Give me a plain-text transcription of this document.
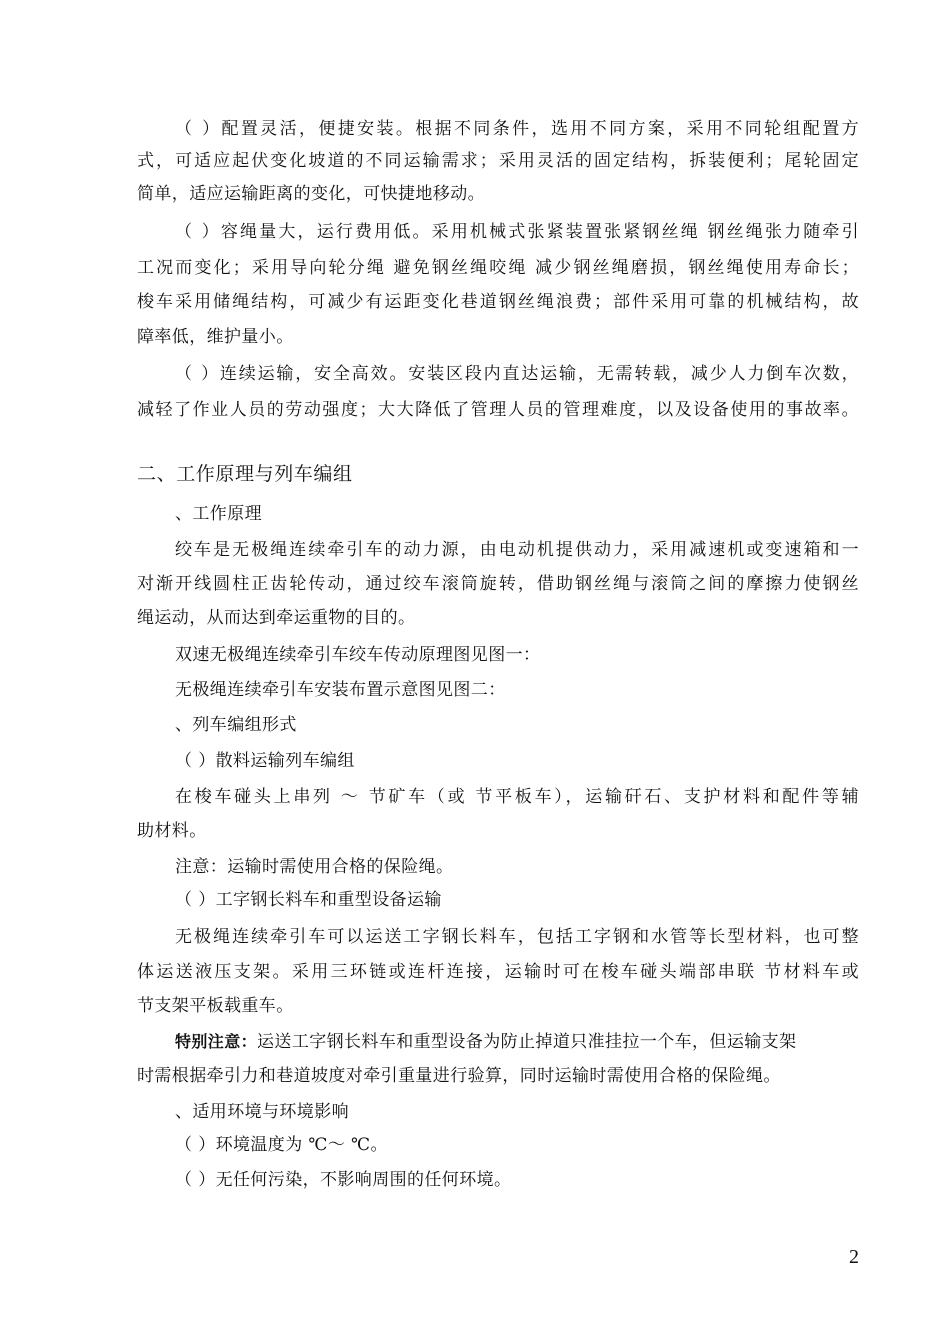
（ ）配置灵活，便捷安装。根据不同条件，选用不同方案，采用不同轮组配置方
式，可适应起伏变化坡道的不同运输需求；采用灵活的固定结构，拆装便利；尾轮固定
简单，适应运输距离的变化，可快捷地移动。
（ ）容绳量大，运行费用低。采用机械式张紧装置张紧钢丝绳 钢丝绳张力随牵引
工况而变化；采用导向轮分绳 避免钢丝绳咬绳 减少钢丝绳磨损，钢丝绳使用寿命长；
梭车采用储绳结构，可减少有运距变化巷道钢丝绳浪费；部件采用可靠的机械结构，故
障率低，维护量小。
（ ）连续运输，安全高效。安装区段内直达运输，无需转载，减少人力倒车次数，
减轻了作业人员的劳动强度；大大降低了管理人员的管理难度，以及设备使用的事故率。
二、工作原理与列车编组
、工作原理
绞车是无极绳连续牵引车的动力源，由电动机提供动力，采用减速机或变速箱和一
对渐开线圆柱正齿轮传动，通过绞车滚筒旋转，借助钢丝绳与滚筒之间的摩擦力使钢丝
绳运动，从而达到牵运重物的目的。
双速无极绳连续牵引车绞车传动原理图见图一：
无极绳连续牵引车安装布置示意图见图二：
、列车编组形式
（ ）散料运输列车编组
在梭车碰头上串列 ～ 节矿车（或 节平板车），运输矸石、支护材料和配件等辅
助材料。
注意：运输时需使用合格的保险绳。
（ ）工字钢长料车和重型设备运输
无极绳连续牵引车可以运送工字钢长料车，包括工字钢和水管等长型材料，也可整
体运送液压支架。采用三环链或连杆连接，运输时可在梭车碰头端部串联 节材料车或
节支架平板载重车。
特别注意：运送工字钢长料车和重型设备为防止掉道只准挂拉一个车，但运输支架
时需根据牵引力和巷道坡度对牵引重量进行验算，同时运输时需使用合格的保险绳。
、适用环境与环境影响
（ ）环境温度为 ℃～ ℃。
（ ）无任何污染，不影响周围的任何环境。
2
